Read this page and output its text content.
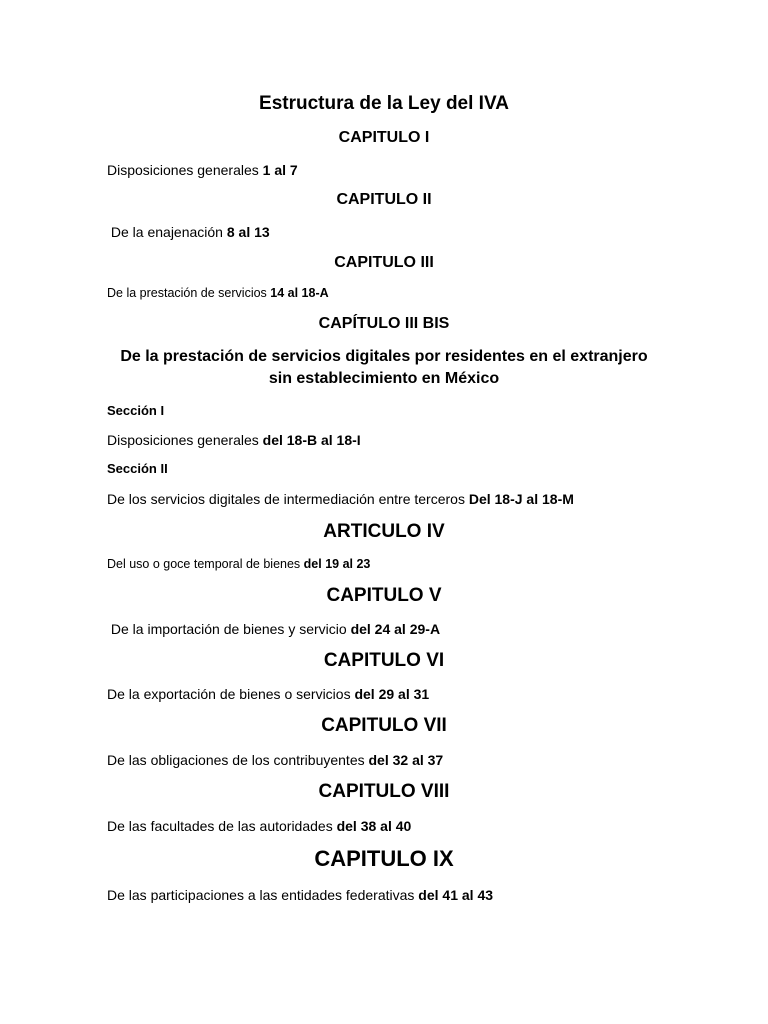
Estructura de la Ley del IVA
CAPITULO I
Disposiciones generales 1 al 7
CAPITULO II
De la enajenación 8 al 13
CAPITULO III
De la prestación de servicios 14 al 18-A
CAPÍTULO III BIS
De la prestación de servicios digitales por residentes en el extranjero
sin establecimiento en México
Sección I
Disposiciones generales del 18-B al 18-I
Sección II
De los servicios digitales de intermediación entre terceros Del 18-J al 18-M
ARTICULO IV
Del uso o goce temporal de bienes del 19 al 23
CAPITULO V
De la importación de bienes y servicio del 24 al 29-A
CAPITULO VI
De la exportación de bienes o servicios del 29 al 31
CAPITULO VII
De las obligaciones de los contribuyentes del 32 al 37
CAPITULO VIII
De las facultades de las autoridades del 38 al 40
CAPITULO IX
De las participaciones a las entidades federativas del 41 al 43
